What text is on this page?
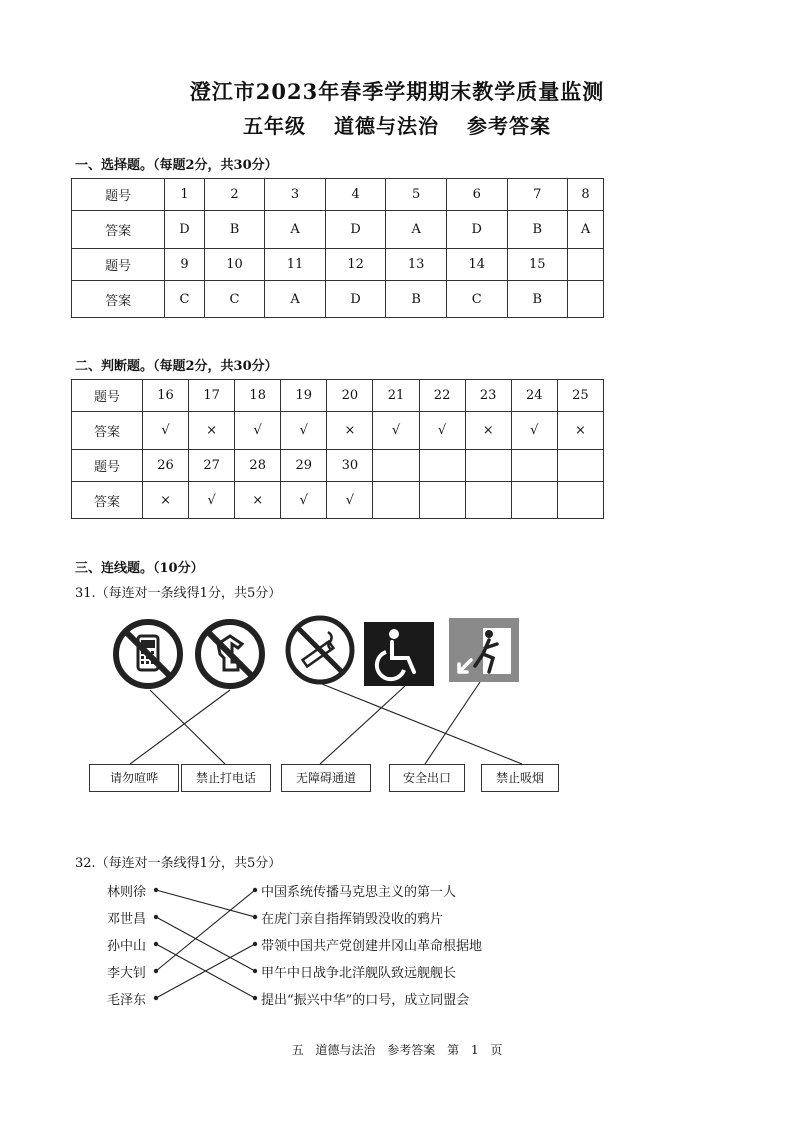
澄江市2023年春季学期期末教学质量监测
五年级 道德与法治 参考答案
一、选择题。（每题2分，共30分）
题号	1	2	3	4	5	6	7	8
答案	D	B	A	D	A	D	B	A
题号	9	10	11	12	13	14	15	
答案	C	C	A	D	B	C	B	
二、判断题。（每题2分，共30分）
题号	16	17	18	19	20	21	22	23	24	25
答案	√	×	√	√	×	√	√	×	√	×
题号	26	27	28	29	30					
答案	×	√	×	√	√					
三、连线题。（10分）
31.（每连对一条线得1分，共5分）
请勿喧哗	禁止打电话	无障碍通道	安全出口	禁止吸烟
32.（每连对一条线得1分，共5分）
林则徐
邓世昌
孙中山
李大钊
毛泽东
中国系统传播马克思主义的第一人
在虎门亲自指挥销毁没收的鸦片
带领中国共产党创建井冈山革命根据地
甲午中日战争北洋舰队致远舰舰长
提出“振兴中华”的口号，成立同盟会
五 道德与法治 参考答案 第 1 页
